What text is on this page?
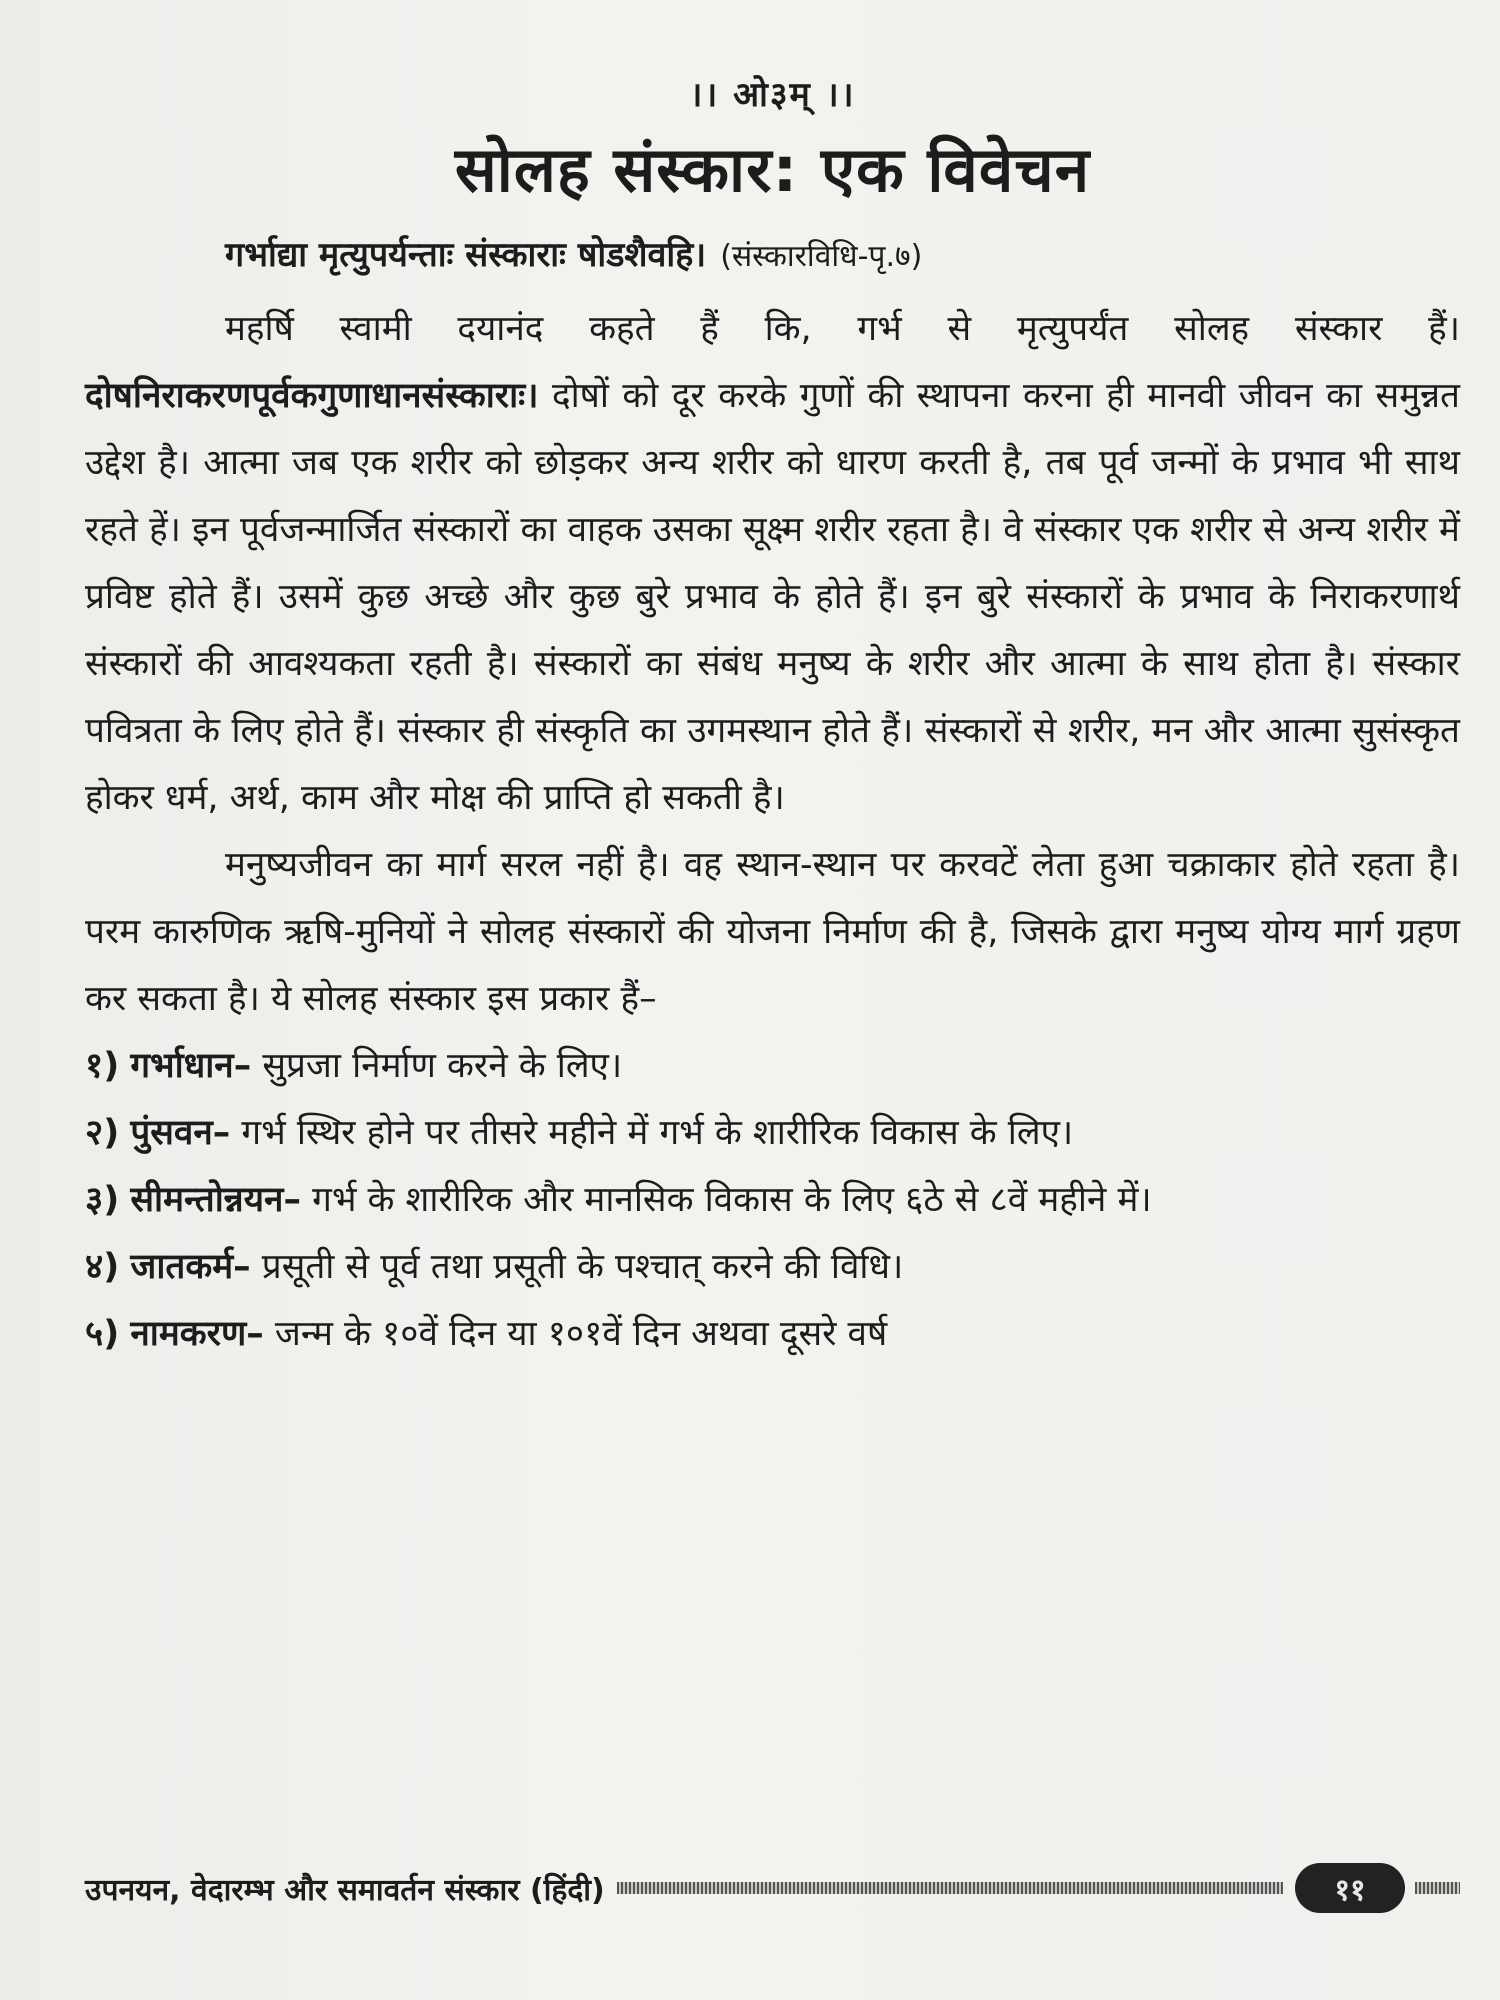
।। ओ३म् ।।
सोलह संस्कार: एक विवेचन
गर्भाद्या मृत्युपर्यन्ताः संस्काराः षोडशैवहि। (संस्कारविधि-पृ.७)

महर्षि स्वामी दयानंद कहते हैं कि, गर्भ से मृत्युपर्यंत सोलह संस्कार हैं। दोषनिराकरणपूर्वकगुणाधानसंस्काराः। दोषों को दूर करके गुणों की स्थापना करना ही मानवी जीवन का समुन्नत उद्देश है। आत्मा जब एक शरीर को छोड़कर अन्य शरीर को धारण करती है, तब पूर्व जन्मों के प्रभाव भी साथ रहते हें। इन पूर्वजन्मार्जित संस्कारों का वाहक उसका सूक्ष्म शरीर रहता है। वे संस्कार एक शरीर से अन्य शरीर में प्रविष्ट होते हैं। उसमें कुछ अच्छे और कुछ बुरे प्रभाव के होते हैं। इन बुरे संस्कारों के प्रभाव के निराकरणार्थ संस्कारों की आवश्यकता रहती है। संस्कारों का संबंध मनुष्य के शरीर और आत्मा के साथ होता है। संस्कार पवित्रता के लिए होते हैं। संस्कार ही संस्कृति का उगमस्थान होते हैं। संस्कारों से शरीर, मन और आत्मा सुसंस्कृत होकर धर्म, अर्थ, काम और मोक्ष की प्राप्ति हो सकती है।

मनुष्यजीवन का मार्ग सरल नहीं है। वह स्थान-स्थान पर करवटें लेता हुआ चक्राकार होते रहता है। परम कारुणिक ऋषि-मुनियों ने सोलह संस्कारों की योजना निर्माण की है, जिसके द्वारा मनुष्य योग्य मार्ग ग्रहण कर सकता है। ये सोलह संस्कार इस प्रकार हैं–

१) गर्भाधान– सुप्रजा निर्माण करने के लिए।
२) पुंसवन– गर्भ स्थिर होने पर तीसरे महीने में गर्भ के शारीरिक विकास के लिए।
३) सीमन्तोन्नयन– गर्भ के शारीरिक और मानसिक विकास के लिए ६ठे से ८वें महीने में।
४) जातकर्म– प्रसूती से पूर्व तथा प्रसूती के पश्चात् करने की विधि।
५) नामकरण– जन्म के १०वें दिन या १०१वें दिन अथवा दूसरे वर्ष
उपनयन, वेदारम्भ और समावर्तन संस्कार (हिंदी)	११
